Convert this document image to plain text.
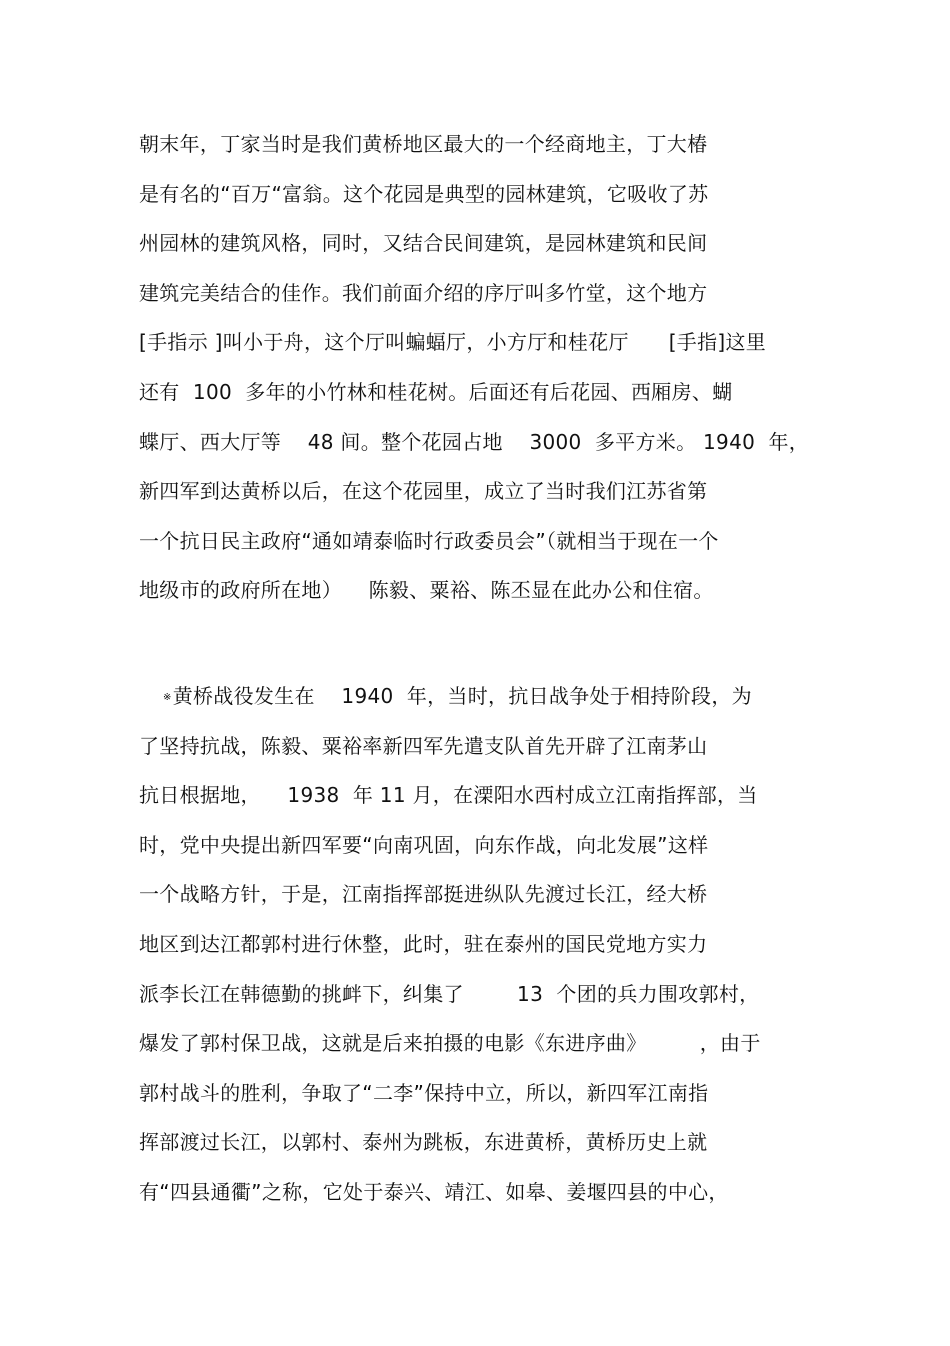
朝末年，丁家当时是我们黄桥地区最大的一个经商地主，丁大椿
是有名的“百万“富翁。这个花园是典型的园林建筑，它吸收了苏
州园林的建筑风格，同时，又结合民间建筑，是园林建筑和民间
建筑完美结合的佳作。我们前面介绍的序厅叫多竹堂，这个地方
[手指示 ]叫小于舟，这个厅叫蝙蝠厅，小方厅和桂花厅      [手指]这里
还有  100  多年的小竹林和桂花树。后面还有后花园、西厢房、蝴
蝶厅、西大厅等    48 间。整个花园占地    3000  多平方米。 1940  年，
新四军到达黄桥以后，在这个花园里，成立了当时我们江苏省第
一个抗日民主政府“通如靖泰临时行政委员会”（就相当于现在一个
地级市的政府所在地）    陈毅、粟裕、陈丕显在此办公和住宿。
※黄桥战役发生在    1940  年，当时，抗日战争处于相持阶段，为
了坚持抗战，陈毅、粟裕率新四军先遣支队首先开辟了江南茅山
抗日根据地，    1938  年 11 月，在溧阳水西村成立江南指挥部，当
时，党中央提出新四军要“向南巩固，向东作战，向北发展”这样
一个战略方针，于是，江南指挥部挺进纵队先渡过长江，经大桥
地区到达江都郭村进行休整，此时，驻在泰州的国民党地方实力
派李长江在韩德勤的挑衅下，纠集了        13  个团的兵力围攻郭村，
爆发了郭村保卫战，这就是后来拍摄的电影《东进序曲》        ，由于
郭村战斗的胜利，争取了“二李”保持中立，所以，新四军江南指
挥部渡过长江，以郭村、泰州为跳板，东进黄桥，黄桥历史上就
有“四县通衢”之称，它处于泰兴、靖江、如皋、姜堰四县的中心，
